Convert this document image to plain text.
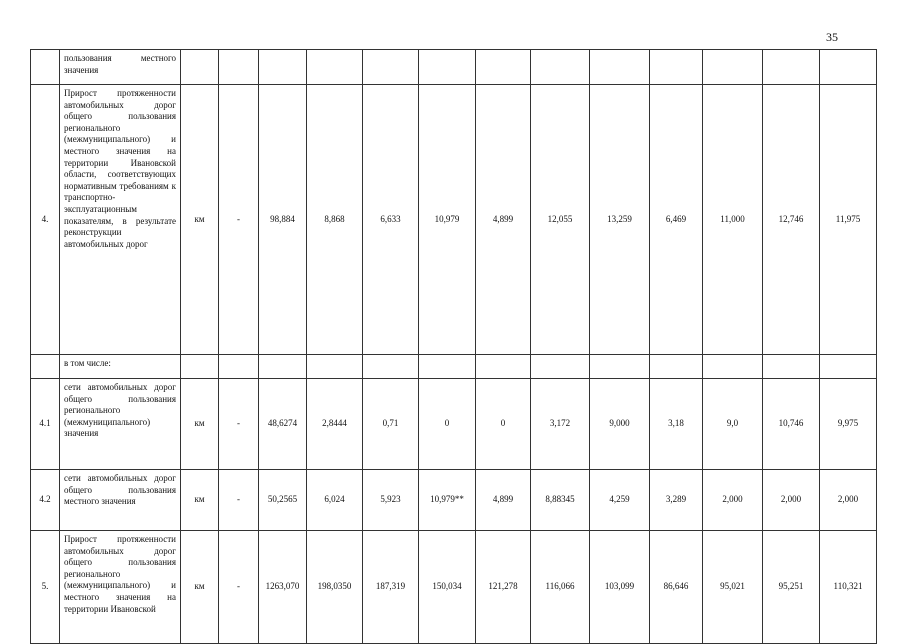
35
	пользования местного значения													
4.	Прирост протяженности автомобильных дорог общего пользования регионального (межмуниципального) и местного значения на территории Ивановской области, соответствующих нормативным требованиям к транспортно-эксплуатационным показателям, в результате реконструкции автомобильных дорог	км	-	98,884	8,868	6,633	10,979	4,899	12,055	13,259	6,469	11,000	12,746	11,975
	в том числе:													
4.1	сети автомобильных дорог общего пользования регионального (межмуниципального) значения	км	-	48,6274	2,8444	0,71	0	0	3,172	9,000	3,18	9,0	10,746	9,975
4.2	сети автомобильных дорог общего пользования местного значения	км	-	50,2565	6,024	5,923	10,979**	4,899	8,88345	4,259	3,289	2,000	2,000	2,000
5.	Прирост протяженности автомобильных дорог общего пользования регионального (межмуниципального) и местного значения на территории Ивановской	км	-	1263,070	198,0350	187,319	150,034	121,278	116,066	103,099	86,646	95,021	95,251	110,321
